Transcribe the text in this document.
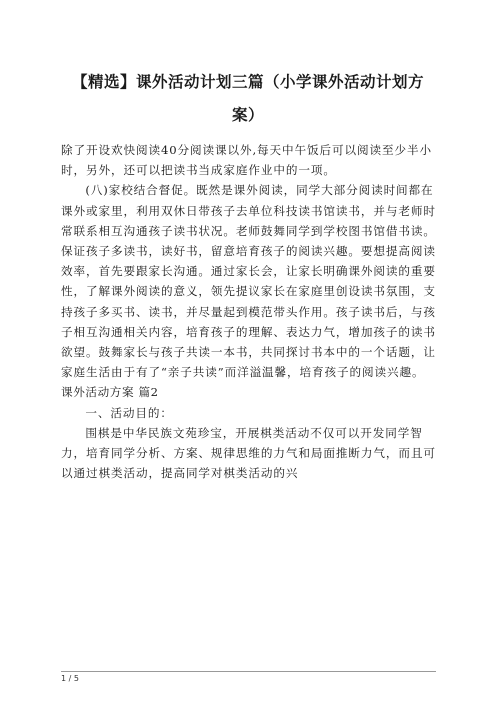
【精选】课外活动计划三篇（小学课外活动计划方案）

除了开设欢快阅读40分阅读课以外,每天中午饭后可以阅读至少半小时，另外，还可以把读书当成家庭作业中的一项。

(八)家校结合督促。既然是课外阅读，同学大部分阅读时间都在课外或家里，利用双休日带孩子去单位科技读书馆读书，并与老师时常联系相互沟通孩子读书状况。老师鼓舞同学到学校图书馆借书读。保证孩子多读书，读好书，留意培育孩子的阅读兴趣。要想提高阅读效率，首先要跟家长沟通。通过家长会，让家长明确课外阅读的重要性，了解课外阅读的意义，领先提议家长在家庭里创设读书氛围，支持孩子多买书、读书，并尽量起到模范带头作用。孩子读书后，与孩子相互沟通相关内容，培育孩子的理解、表达力气，增加孩子的读书欲望。鼓舞家长与孩子共读一本书，共同探讨书本中的一个话题，让家庭生活由于有了“亲子共读”而洋溢温馨，培育孩子的阅读兴趣。

课外活动方案 篇2

一、活动目的：

围棋是中华民族文苑珍宝，开展棋类活动不仅可以开发同学智力，培育同学分析、方案、规律思维的力气和局面推断力气，而且可以通过棋类活动，提高同学对棋类活动的兴

1 / 5
